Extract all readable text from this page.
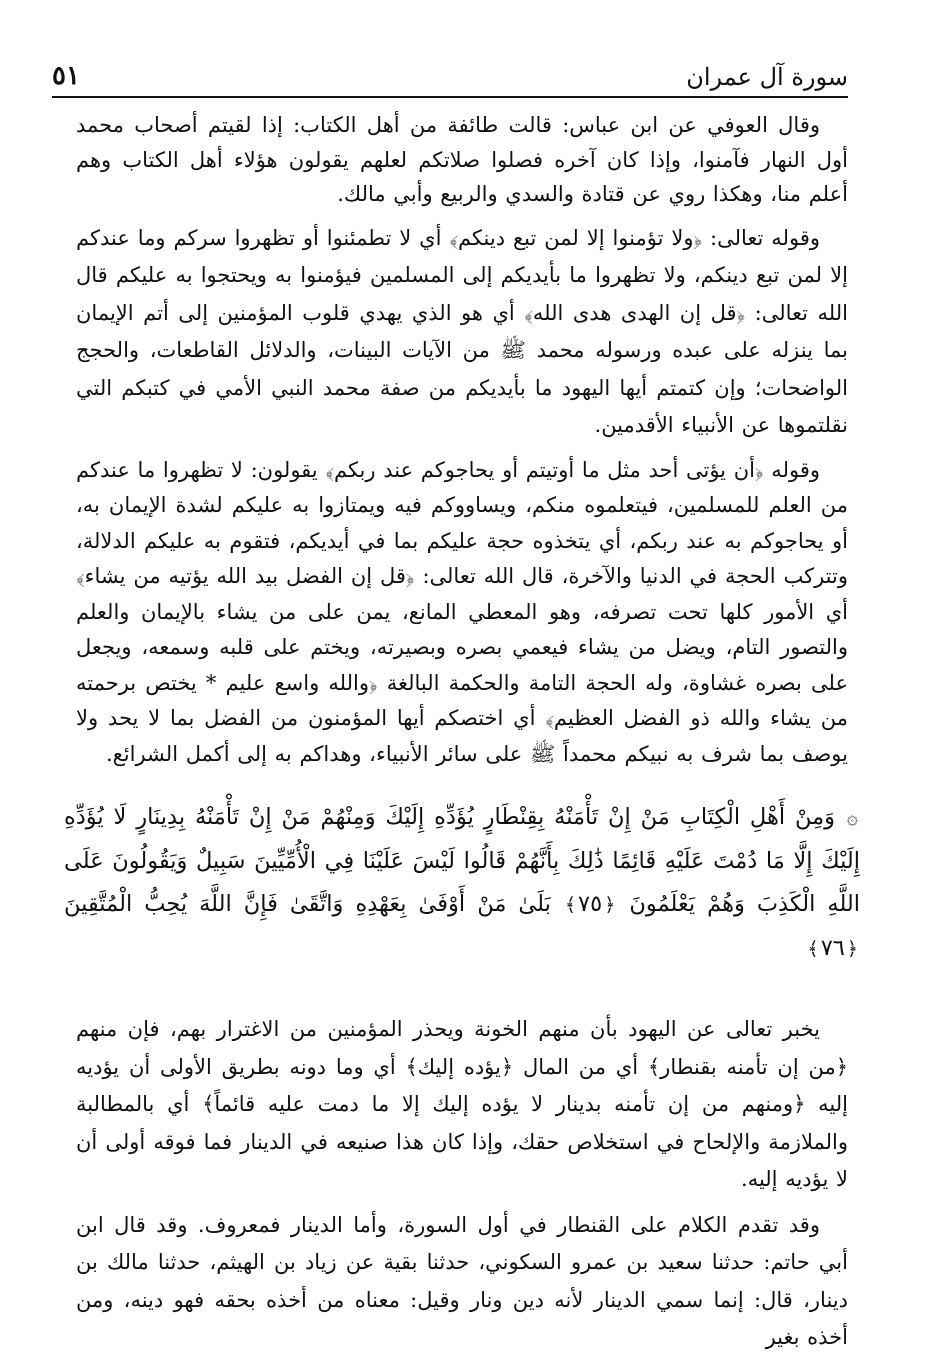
سورة آل عمران
٥١

وقال العوفي عن ابن عباس: قالت طائفة من أهل الكتاب: إذا لقيتم أصحاب محمد أول النهار فآمنوا، وإذا كان آخره فصلوا صلاتكم لعلهم يقولون هؤلاء أهل الكتاب وهم أعلم منا، وهكذا روي عن قتادة والسدي والربيع وأبي مالك.

وقوله تعالى: ﴿ولا تؤمنوا إلا لمن تبع دينكم﴾ أي لا تطمئنوا أو تظهروا سركم وما عندكم إلا لمن تبع دينكم، ولا تظهروا ما بأيديكم إلى المسلمين فيؤمنوا به ويحتجوا به عليكم قال الله تعالى: ﴿قل إن الهدى هدى الله﴾ أي هو الذي يهدي قلوب المؤمنين إلى أتم الإيمان بما ينزله على عبده ورسوله محمد ﷺ من الآيات البينات، والدلائل القاطعات، والحجج الواضحات؛ وإن كتمتم أيها اليهود ما بأيديكم من صفة محمد النبي الأمي في كتبكم التي نقلتموها عن الأنبياء الأقدمين.

وقوله ﴿أن يؤتى أحد مثل ما أوتيتم أو يحاجوكم عند ربكم﴾ يقولون: لا تظهروا ما عندكم من العلم للمسلمين، فيتعلموه منكم، ويساووكم فيه ويمتازوا به عليكم لشدة الإيمان به، أو يحاجوكم به عند ربكم، أي يتخذوه حجة عليكم بما في أيديكم، فتقوم به عليكم الدلالة، وتتركب الحجة في الدنيا والآخرة، قال الله تعالى: ﴿قل إن الفضل بيد الله يؤتيه من يشاء﴾ أي الأمور كلها تحت تصرفه، وهو المعطي المانع، يمن على من يشاء بالإيمان والعلم والتصور التام، ويضل من يشاء فيعمي بصره وبصيرته، ويختم على قلبه وسمعه، ويجعل على بصره غشاوة، وله الحجة التامة والحكمة البالغة ﴿والله واسع عليم * يختص برحمته من يشاء والله ذو الفضل العظيم﴾ أي اختصكم أيها المؤمنون من الفضل بما لا يحد ولا يوصف بما شرف به نبيكم محمداً ﷺ على سائر الأنبياء، وهداكم به إلى أكمل الشرائع.

۞ وَمِنْ أَهْلِ الْكِتَابِ مَنْ إِنْ تَأْمَنْهُ بِقِنْطَارٍ يُؤَدِّهِ إِلَيْكَ وَمِنْهُمْ مَنْ إِنْ تَأْمَنْهُ بِدِينَارٍ لَا يُؤَدِّهِ إِلَيْكَ إِلَّا مَا دُمْتَ عَلَيْهِ قَائِمًا ذَٰلِكَ بِأَنَّهُمْ قَالُوا لَيْسَ عَلَيْنَا فِي الْأُمِّيِّينَ سَبِيلٌ وَيَقُولُونَ عَلَى اللَّهِ الْكَذِبَ وَهُمْ يَعْلَمُونَ ﴿٧٥﴾ بَلَىٰ مَنْ أَوْفَىٰ بِعَهْدِهِ وَاتَّقَىٰ فَإِنَّ اللَّهَ يُحِبُّ الْمُتَّقِينَ ﴿٧٦﴾

يخبر تعالى عن اليهود بأن منهم الخونة ويحذر المؤمنين من الاغترار بهم، فإن منهم ﴿من إن تأمنه بقنطار﴾ أي من المال ﴿يؤده إليك﴾ أي وما دونه بطريق الأولى أن يؤديه إليه ﴿ومنهم من إن تأمنه بدينار لا يؤده إليك إلا ما دمت عليه قائماً﴾ أي بالمطالبة والملازمة والإلحاح في استخلاص حقك، وإذا كان هذا صنيعه في الدينار فما فوقه أولى أن لا يؤديه إليه.

وقد تقدم الكلام على القنطار في أول السورة، وأما الدينار فمعروف. وقد قال ابن أبي حاتم: حدثنا سعيد بن عمرو السكوني، حدثنا بقية عن زياد بن الهيثم، حدثنا مالك بن دينار، قال: إنما سمي الدينار لأنه دين ونار وقيل: معناه من أخذه بحقه فهو دينه، ومن أخذه بغير
